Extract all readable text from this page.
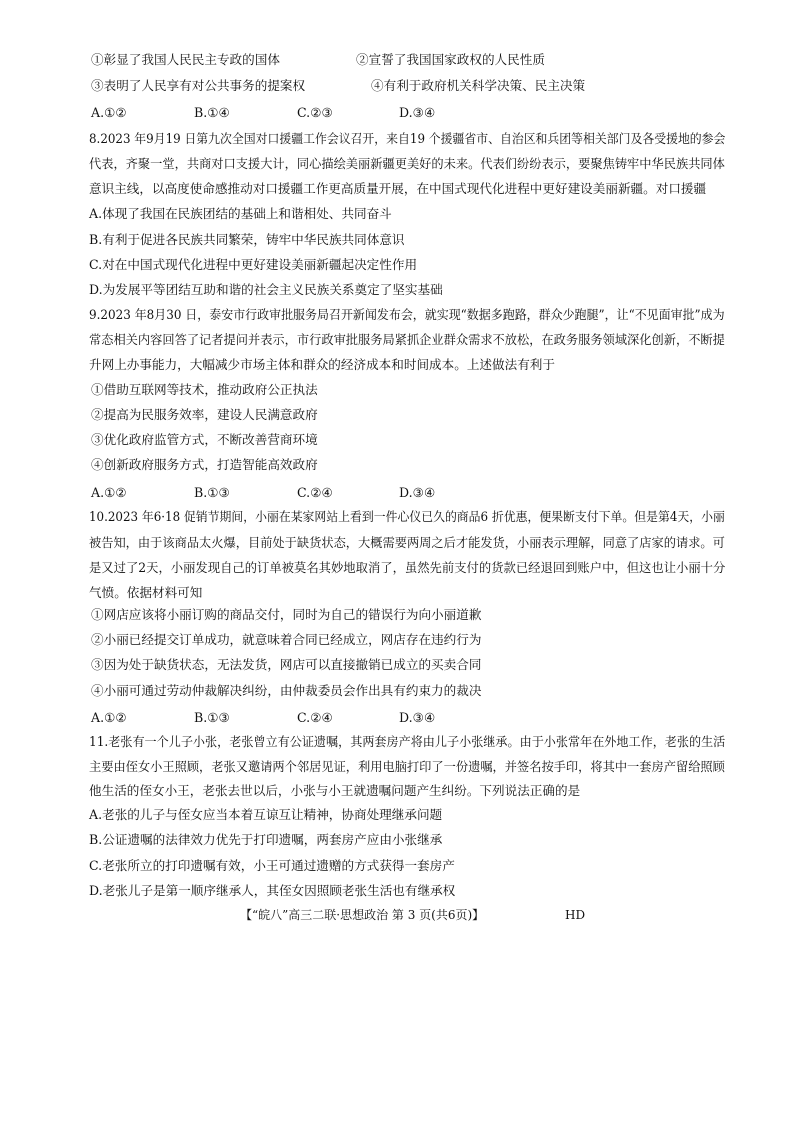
①彰显了我国人民民主专政的国体	②宣誓了我国国家政权的人民性质
③表明了人民享有对公共事务的提案权	④有利于政府机关科学决策、民主决策
A.①②	B.①④	C.②③	D.③④
8.2023 年9月19 日第九次全国对口援疆工作会议召开，来自19 个援疆省市、自治区和兵团等相关部门及各受援地的参会
代表，齐聚一堂，共商对口支援大计，同心描绘美丽新疆更美好的未来。代表们纷纷表示，要聚焦铸牢中华民族共同体
意识主线，以高度使命感推动对口援疆工作更高质量开展，在中国式现代化进程中更好建设美丽新疆。对口援疆
A.体现了我国在民族团结的基础上和谐相处、共同奋斗
B.有利于促进各民族共同繁荣，铸牢中华民族共同体意识
C.对在中国式现代化进程中更好建设美丽新疆起决定性作用
D.为发展平等团结互助和谐的社会主义民族关系奠定了坚实基础
9.2023 年8月30 日，泰安市行政审批服务局召开新闻发布会，就实现“数据多跑路，群众少跑腿”，让“不见面审批”成为
常态相关内容回答了记者提问并表示，市行政审批服务局紧抓企业群众需求不放松，在政务服务领域深化创新，不断提
升网上办事能力，大幅减少市场主体和群众的经济成本和时间成本。上述做法有利于
①借助互联网等技术，推动政府公正执法
②提高为民服务效率，建设人民满意政府
③优化政府监管方式，不断改善营商环境
④创新政府服务方式，打造智能高效政府
A.①②	B.①③	C.②④	D.③④
10.2023 年6·18 促销节期间，小丽在某家网站上看到一件心仪已久的商品6 折优惠，便果断支付下单。但是第4天，小丽
被告知，由于该商品太火爆，目前处于缺货状态，大概需要两周之后才能发货，小丽表示理解，同意了店家的请求。可
是又过了2天，小丽发现自己的订单被莫名其妙地取消了，虽然先前支付的货款已经退回到账户中，但这也让小丽十分
气愤。依据材料可知
①网店应该将小丽订购的商品交付，同时为自己的错误行为向小丽道歉
②小丽已经提交订单成功，就意味着合同已经成立，网店存在违约行为
③因为处于缺货状态，无法发货，网店可以直接撤销已成立的买卖合同
④小丽可通过劳动仲裁解决纠纷，由仲裁委员会作出具有约束力的裁决
A.①②	B.①③	C.②④	D.③④
11.老张有一个儿子小张，老张曾立有公证遗嘱，其两套房产将由儿子小张继承。由于小张常年在外地工作，老张的生活
主要由侄女小王照顾，老张又邀请两个邻居见证，利用电脑打印了一份遗嘱，并签名按手印，将其中一套房产留给照顾
他生活的侄女小王，老张去世以后，小张与小王就遗嘱问题产生纠纷。下列说法正确的是
A.老张的儿子与侄女应当本着互谅互让精神，协商处理继承问题
B.公证遗嘱的法律效力优先于打印遗嘱，两套房产应由小张继承
C.老张所立的打印遗嘱有效，小王可通过遗赠的方式获得一套房产
D.老张儿子是第一顺序继承人，其侄女因照顾老张生活也有继承权
【“皖八”高三二联·思想政治 第 3 页(共6页)】	HD
